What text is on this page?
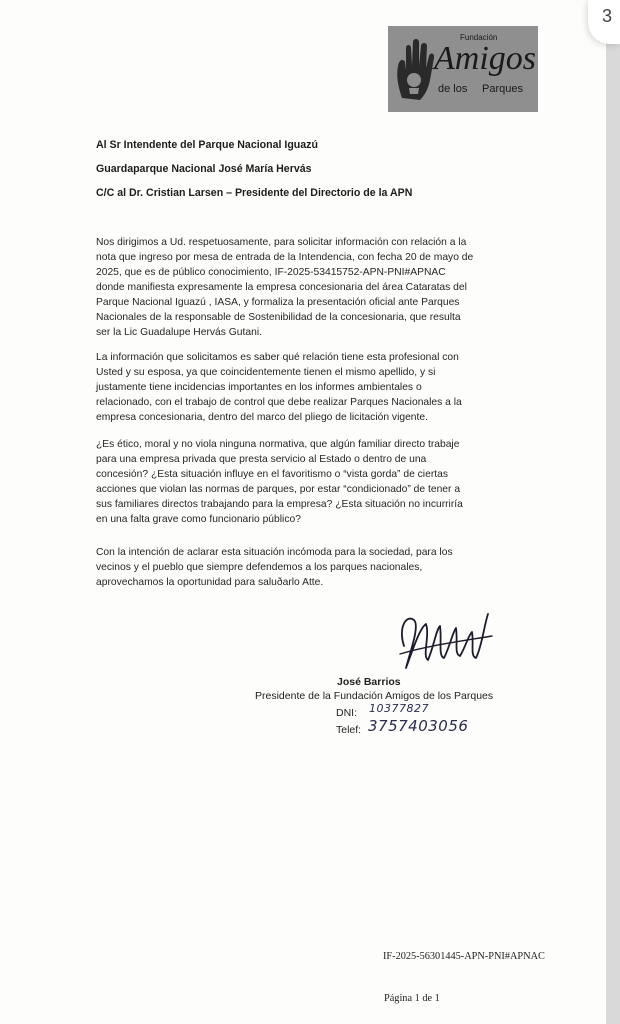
Fundación
Amigos
de los Parques
Al Sr Intendente del Parque Nacional Iguazú
Guardaparque Nacional José María Hervás
C/C al Dr. Cristian Larsen – Presidente del Directorio de la APN
Nos dirigimos a Ud. respetuosamente, para solicitar información con relación a la
nota que ingreso por mesa de entrada de la Intendencia, con fecha 20 de mayo de
2025, que es de público conocimiento, IF-2025-53415752-APN-PNI#APNAC
donde manifiesta expresamente la empresa concesionaria del área Cataratas del
Parque Nacional Iguazú , IASA, y formaliza la presentación oficial ante Parques
Nacionales de la responsable de Sostenibilidad de la concesionaria, que resulta
ser la Lic Guadalupe Hervás Gutani.
La información que solicitamos es saber qué relación tiene esta profesional con
Usted y su esposa, ya que coincidentemente tienen el mismo apellido, y si
justamente tiene incidencias importantes en los informes ambientales o
relacionado, con el trabajo de control que debe realizar Parques Nacionales a la
empresa concesionaria, dentro del marco del pliego de licitación vigente.
¿Es ético, moral y no viola ninguna normativa, que algún familiar directo trabaje
para una empresa privada que presta servicio al Estado o dentro de una
concesión? ¿Esta situación influye en el favoritismo o “vista gorda” de ciertas
acciones que violan las normas de parques, por estar “condicionado” de tener a
sus familiares directos trabajando para la empresa? ¿Esta situación no incurriría
en una falta grave como funcionario público?
Con la intención de aclarar esta situación incómoda para la sociedad, para los
vecinos y el pueblo que siempre defendemos a los parques nacionales,
aprovechamos la oportunidad para saluðarlo Atte.
José Barrios
Presidente de la Fundación Amigos de los Parques
DNI: 10377827
Telef: 3757403056
IF-2025-56301445-APN-PNI#APNAC
Página 1 de 1
3
